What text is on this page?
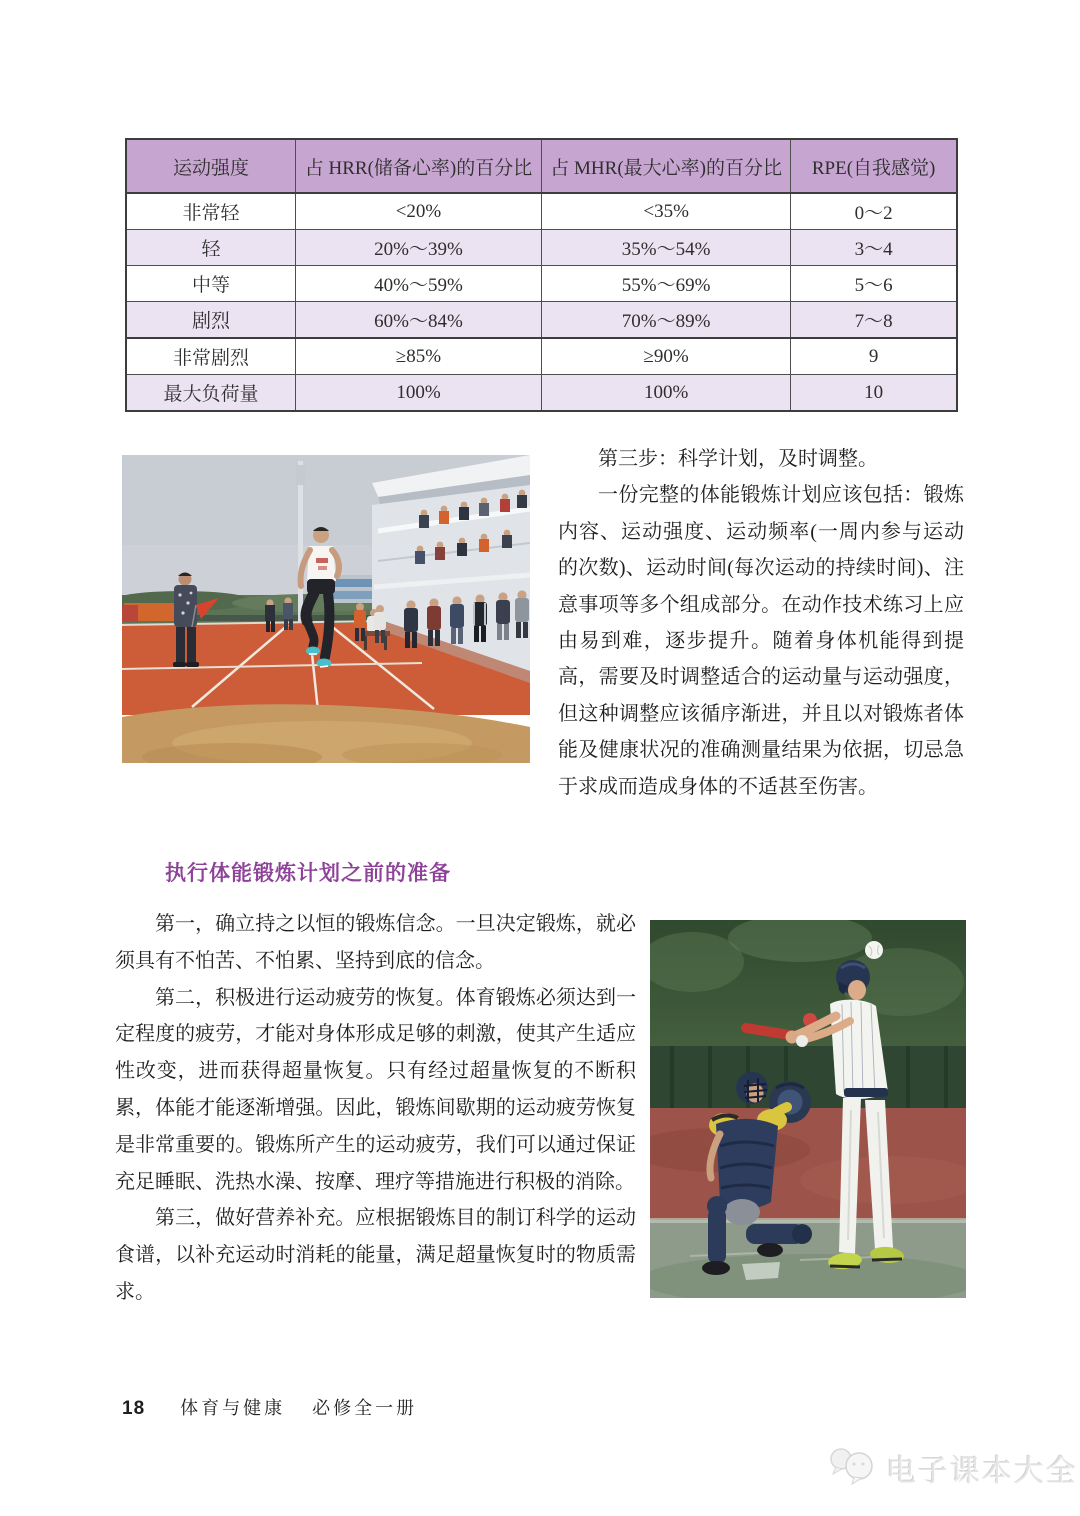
运动强度	占 HRR(储备心率)的百分比	占 MHR(最大心率)的百分比	RPE(自我感觉)
非常轻	<20%	<35%	0～2
轻	20%～39%	35%～54%	3～4
中等	40%～59%	55%～69%	5～6
剧烈	60%～84%	70%～89%	7～8
非常剧烈	≥85%	≥90%	9
最大负荷量	100%	100%	10

第三步：科学计划，及时调整。

一份完整的体能锻炼计划应该包括：锻炼内容、运动强度、运动频率(一周内参与运动的次数)、运动时间(每次运动的持续时间)、注意事项等多个组成部分。在动作技术练习上应由易到难，逐步提升。随着身体机能得到提高，需要及时调整适合的运动量与运动强度，但这种调整应该循序渐进，并且以对锻炼者体能及健康状况的准确测量结果为依据，切忌急于求成而造成身体的不适甚至伤害。

执行体能锻炼计划之前的准备

第一，确立持之以恒的锻炼信念。一旦决定锻炼，就必须具有不怕苦、不怕累、坚持到底的信念。

第二，积极进行运动疲劳的恢复。体育锻炼必须达到一定程度的疲劳，才能对身体形成足够的刺激，使其产生适应性改变，进而获得超量恢复。只有经过超量恢复的不断积累，体能才能逐渐增强。因此，锻炼间歇期的运动疲劳恢复是非常重要的。锻炼所产生的运动疲劳，我们可以通过保证充足睡眠、洗热水澡、按摩、理疗等措施进行积极的消除。

第三，做好营养补充。应根据锻炼目的制订科学的运动食谱，以补充运动时消耗的能量，满足超量恢复时的物质需求。

18 体育与健康 必修全一册
电子课本大全
